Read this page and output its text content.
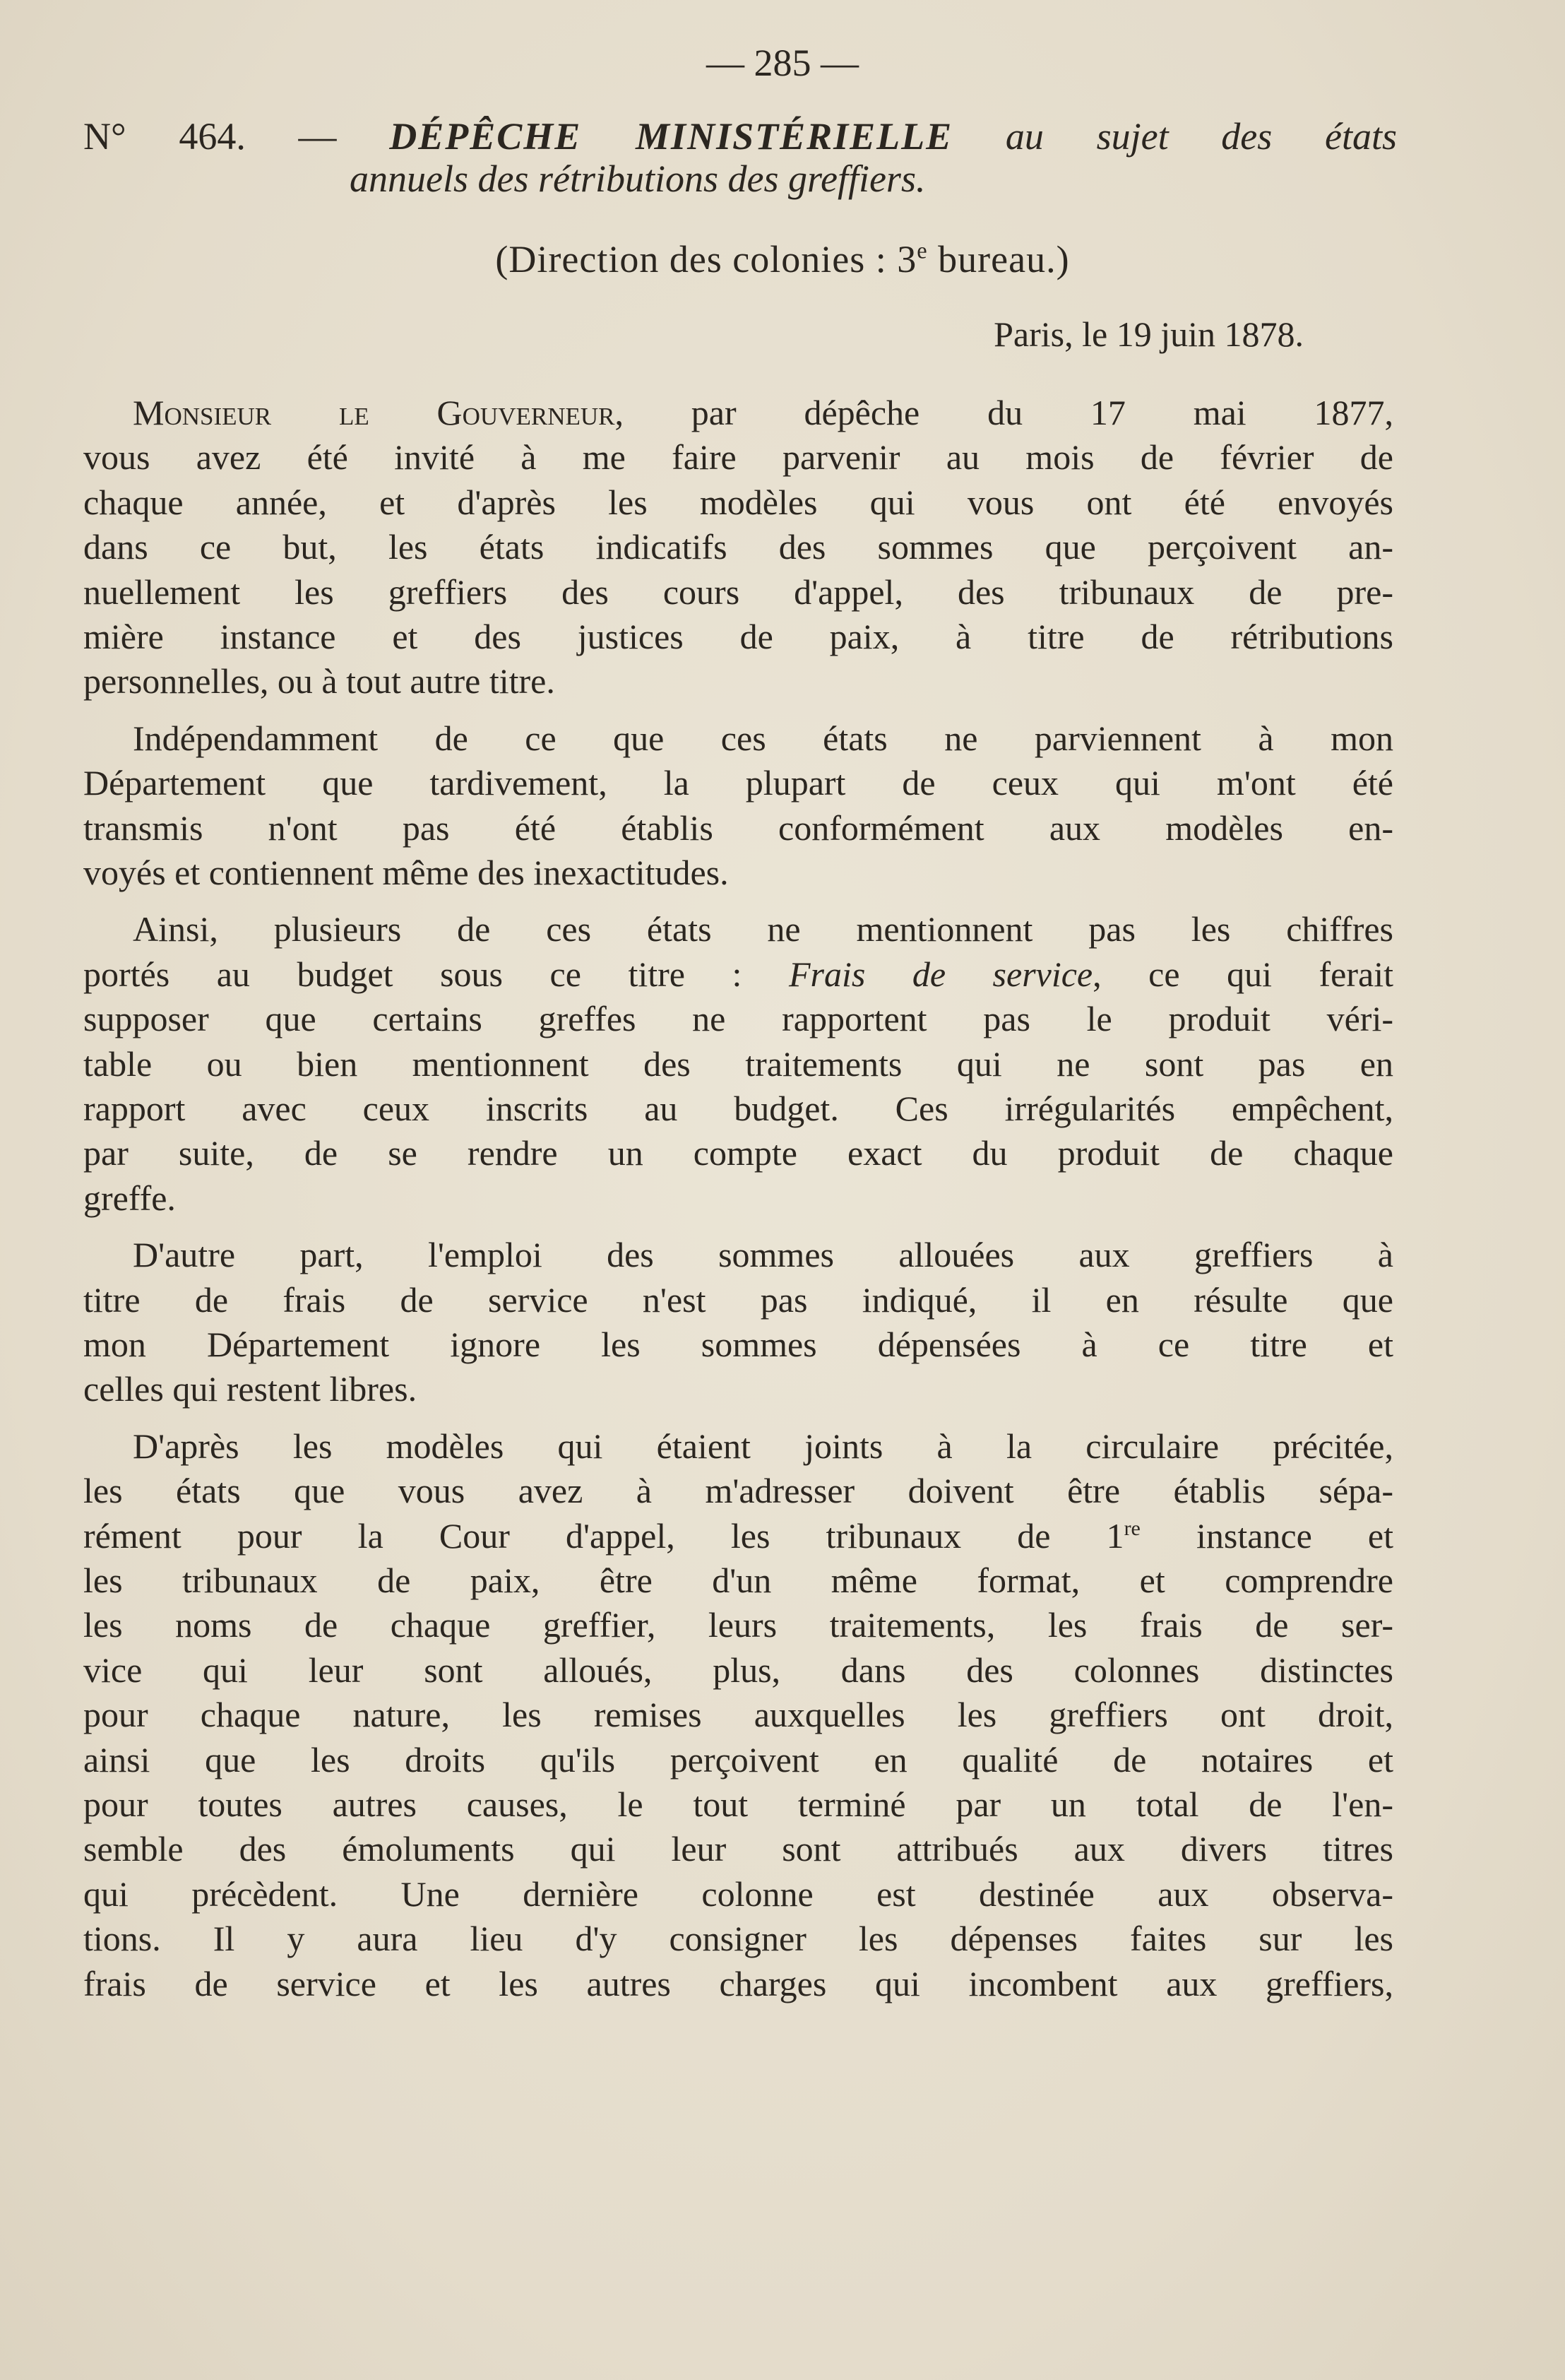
— 285 —
N° 464. — DÉPÊCHE MINISTÉRIELLE au sujet des états
annuels des rétributions des greffiers.
(Direction des colonies : 3e bureau.)
Paris, le 19 juin 1878.
Monsieur le Gouverneur, par dépêche du 17 mai 1877,
vous avez été invité à me faire parvenir au mois de février de
chaque année, et d'après les modèles qui vous ont été envoyés
dans ce but, les états indicatifs des sommes que perçoivent an-
nuellement les greffiers des cours d'appel, des tribunaux de pre-
mière instance et des justices de paix, à titre de rétributions
personnelles, ou à tout autre titre.
Indépendamment de ce que ces états ne parviennent à mon
Département que tardivement, la plupart de ceux qui m'ont été
transmis n'ont pas été établis conformément aux modèles en-
voyés et contiennent même des inexactitudes.
Ainsi, plusieurs de ces états ne mentionnent pas les chiffres
portés au budget sous ce titre : Frais de service, ce qui ferait
supposer que certains greffes ne rapportent pas le produit véri-
table ou bien mentionnent des traitements qui ne sont pas en
rapport avec ceux inscrits au budget. Ces irrégularités empêchent,
par suite, de se rendre un compte exact du produit de chaque
greffe.
D'autre part, l'emploi des sommes allouées aux greffiers à
titre de frais de service n'est pas indiqué, il en résulte que
mon Département ignore les sommes dépensées à ce titre et
celles qui restent libres.
D'après les modèles qui étaient joints à la circulaire précitée,
les états que vous avez à m'adresser doivent être établis sépa-
rément pour la Cour d'appel, les tribunaux de 1re instance et
les tribunaux de paix, être d'un même format, et comprendre
les noms de chaque greffier, leurs traitements, les frais de ser-
vice qui leur sont alloués, plus, dans des colonnes distinctes
pour chaque nature, les remises auxquelles les greffiers ont droit,
ainsi que les droits qu'ils perçoivent en qualité de notaires et
pour toutes autres causes, le tout terminé par un total de l'en-
semble des émoluments qui leur sont attribués aux divers titres
qui précèdent. Une dernière colonne est destinée aux observa-
tions. Il y aura lieu d'y consigner les dépenses faites sur les
frais de service et les autres charges qui incombent aux greffiers,
